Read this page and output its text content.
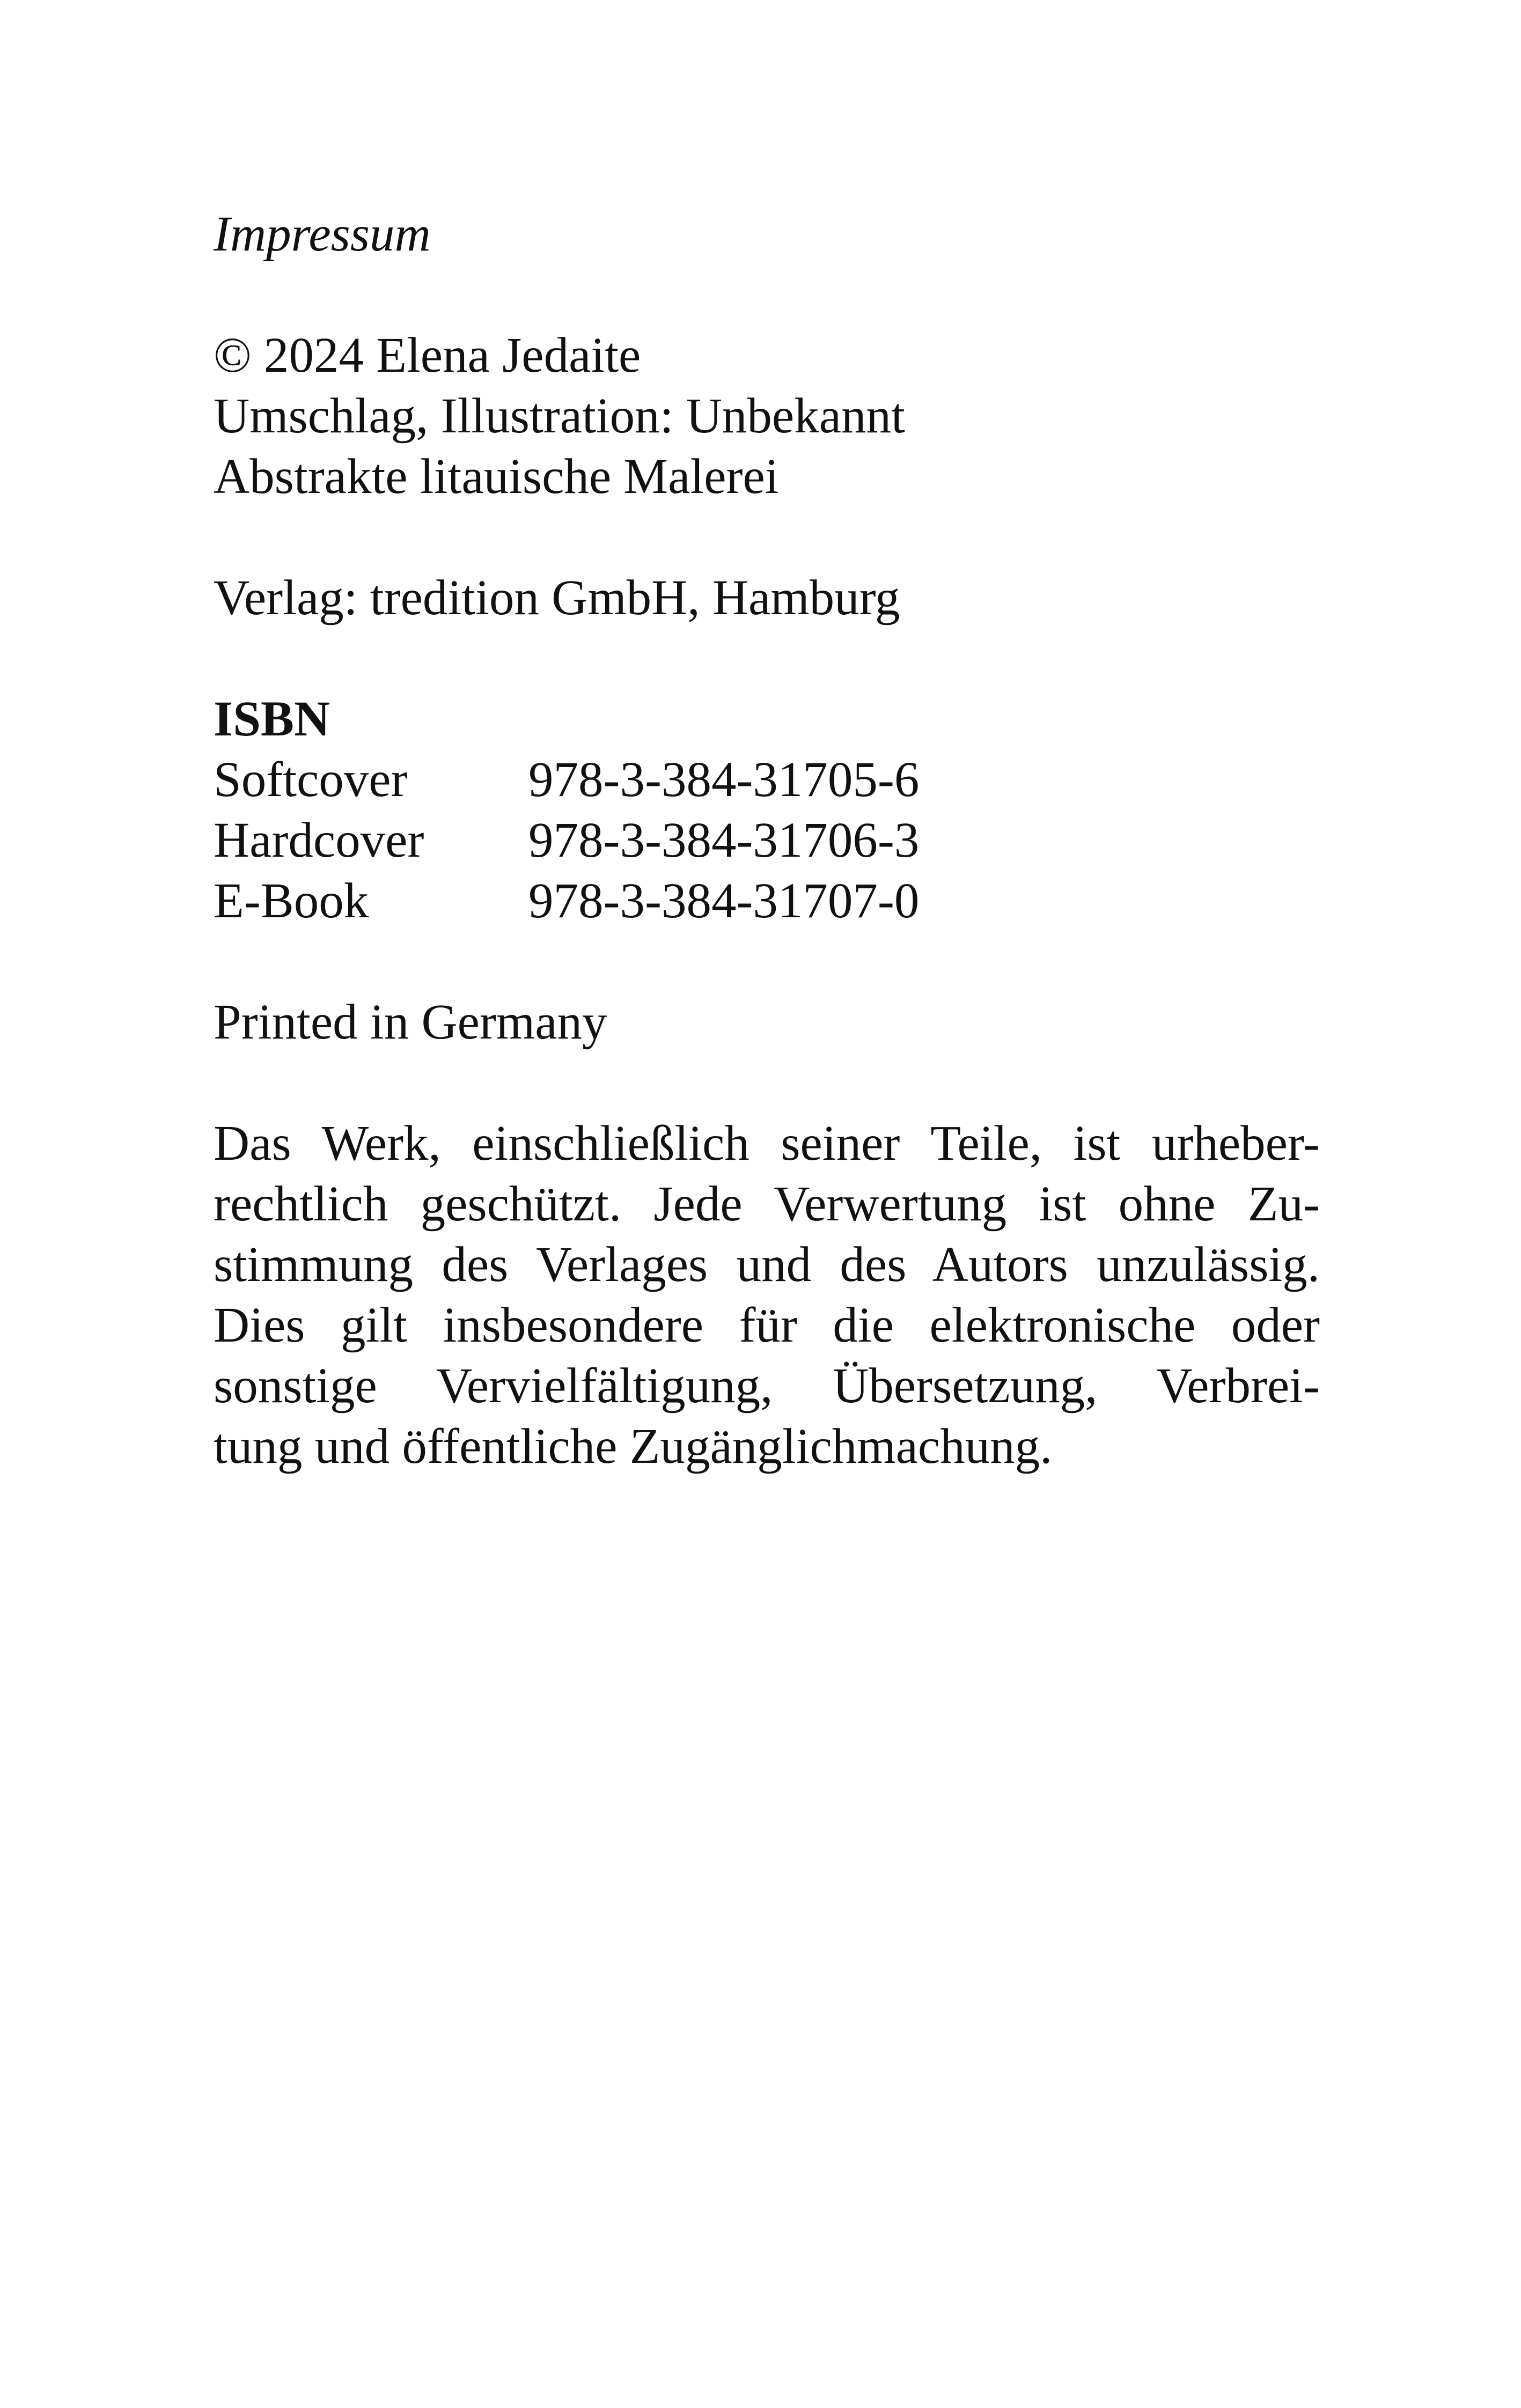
Impressum
© 2024 Elena Jedaite
Umschlag, Illustration: Unbekannt
Abstrakte litauische Malerei
Verlag: tredition GmbH, Hamburg
ISBN
Softcover	978-3-384-31705-6
Hardcover	978-3-384-31706-3
E-Book	978-3-384-31707-0
Printed in Germany
Das Werk, einschließlich seiner Teile, ist urheber-
rechtlich geschützt. Jede Verwertung ist ohne Zu-
stimmung des Verlages und des Autors unzulässig.
Dies gilt insbesondere für die elektronische oder
sonstige Vervielfältigung, Übersetzung, Verbrei-
tung und öffentliche Zugänglichmachung.
